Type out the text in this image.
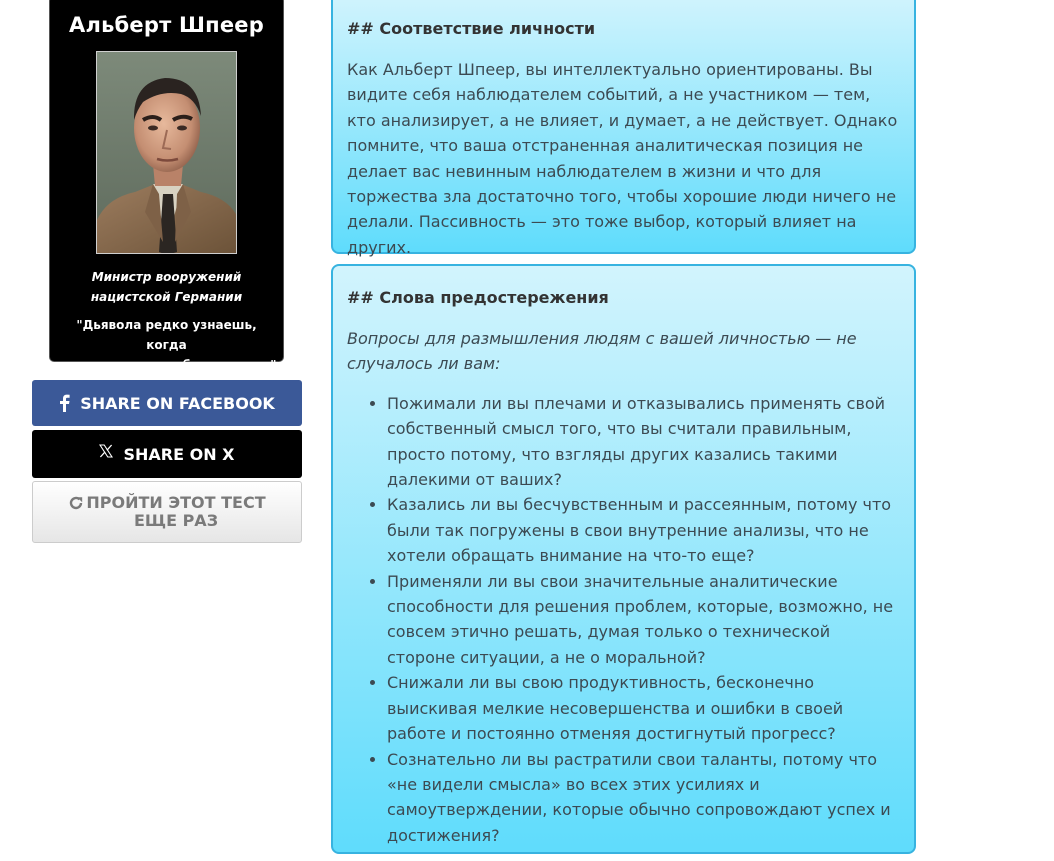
Альберт Шпеер
Министр вооружений
нацистской Германии
"Дьявола редко узнаешь, когда
он кладет руку тебе на плечо."
SHARE ON FACEBOOK
SHARE ON X
ПРОЙТИ ЭТОТ ТЕСТ
ЕЩЕ РАЗ
## Соответствие личности
Как Альберт Шпеер, вы интеллектуально ориентированы. Вы видите себя наблюдателем событий, а не участником — тем, кто анализирует, а не влияет, и думает, а не действует. Однако помните, что ваша отстраненная аналитическая позиция не делает вас невинным наблюдателем в жизни и что для торжества зла достаточно того, чтобы хорошие люди ничего не делали. Пассивность — это тоже выбор, который влияет на других.
## Слова предостережения
Вопросы для размышления людям с вашей личностью — не случалось ли вам:
• Пожимали ли вы плечами и отказывались применять свой собственный смысл того, что вы считали правильным, просто потому, что взгляды других казались такими далекими от ваших?
• Казались ли вы бесчувственным и рассеянным, потому что были так погружены в свои внутренние анализы, что не хотели обращать внимание на что-то еще?
• Применяли ли вы свои значительные аналитические способности для решения проблем, которые, возможно, не совсем этично решать, думая только о технической стороне ситуации, а не о моральной?
• Снижали ли вы свою продуктивность, бесконечно выискивая мелкие несовершенства и ошибки в своей работе и постоянно отменяя достигнутый прогресс?
• Сознательно ли вы растратили свои таланты, потому что «не видели смысла» во всех этих усилиях и самоутверждении, которые обычно сопровождают успех и достижения?
